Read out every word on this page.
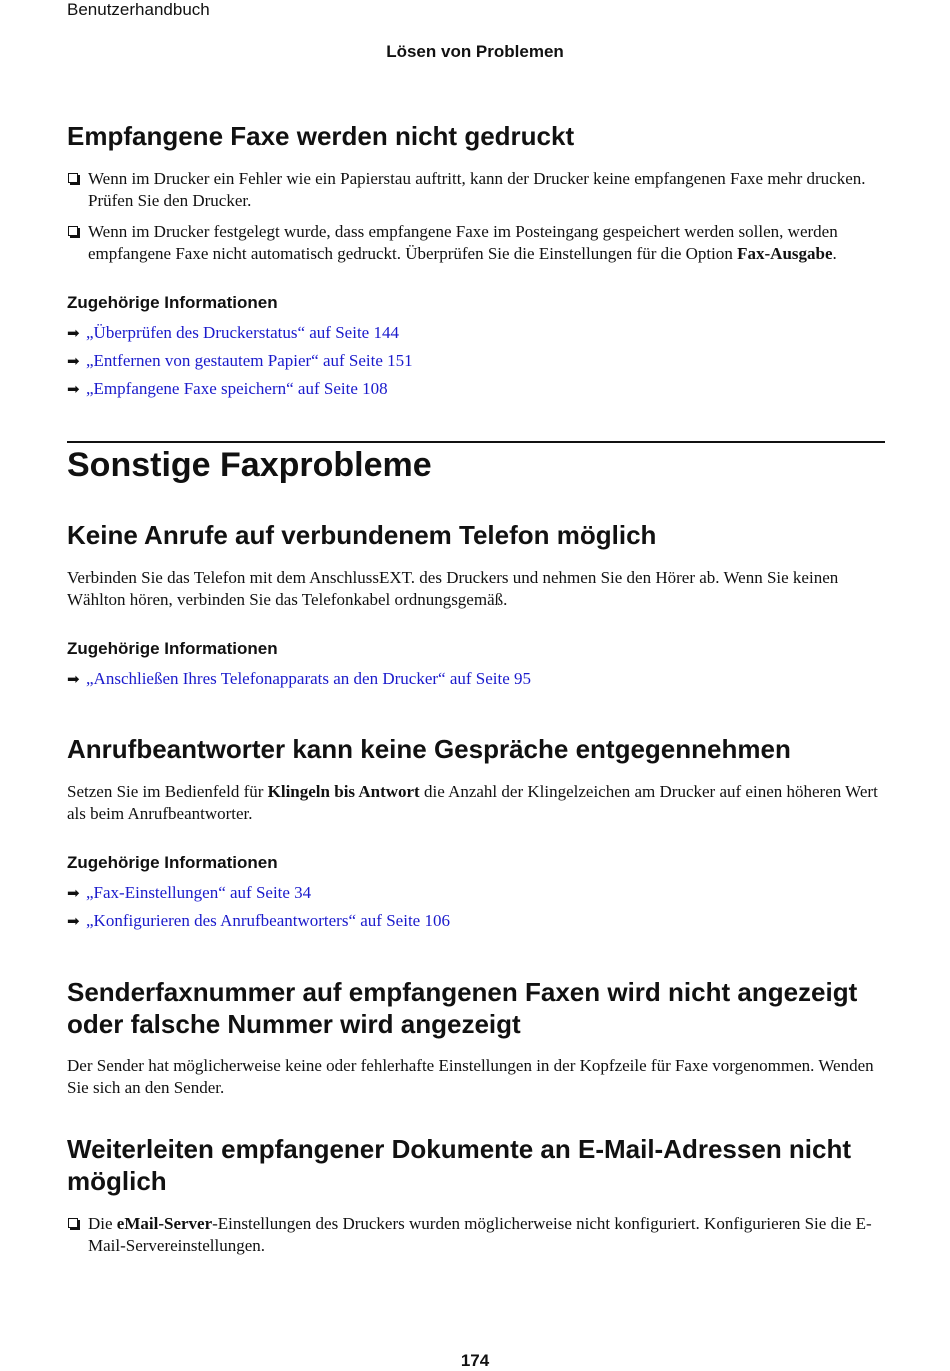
Benutzerhandbuch
Lösen von Problemen
Empfangene Faxe werden nicht gedruckt
Wenn im Drucker ein Fehler wie ein Papierstau auftritt, kann der Drucker keine empfangenen Faxe mehr drucken. Prüfen Sie den Drucker.
Wenn im Drucker festgelegt wurde, dass empfangene Faxe im Posteingang gespeichert werden sollen, werden empfangene Faxe nicht automatisch gedruckt. Überprüfen Sie die Einstellungen für die Option Fax-Ausgabe.
Zugehörige Informationen
➡ „Überprüfen des Druckerstatus“ auf Seite 144
➡ „Entfernen von gestautem Papier“ auf Seite 151
➡ „Empfangene Faxe speichern“ auf Seite 108
Sonstige Faxprobleme
Keine Anrufe auf verbundenem Telefon möglich

Verbinden Sie das Telefon mit dem AnschlussEXT. des Druckers und nehmen Sie den Hörer ab. Wenn Sie keinen Wählton hören, verbinden Sie das Telefonkabel ordnungsgemäß.

Zugehörige Informationen
➡ „Anschließen Ihres Telefonapparats an den Drucker“ auf Seite 95
Anrufbeantworter kann keine Gespräche entgegennehmen

Setzen Sie im Bedienfeld für Klingeln bis Antwort die Anzahl der Klingelzeichen am Drucker auf einen höheren Wert als beim Anrufbeantworter.

Zugehörige Informationen
➡ „Fax-Einstellungen“ auf Seite 34
➡ „Konfigurieren des Anrufbeantworters“ auf Seite 106
Senderfaxnummer auf empfangenen Faxen wird nicht angezeigt oder falsche Nummer wird angezeigt

Der Sender hat möglicherweise keine oder fehlerhafte Einstellungen in der Kopfzeile für Faxe vorgenommen. Wenden Sie sich an den Sender.

Weiterleiten empfangener Dokumente an E-Mail-Adressen nicht möglich
Die eMail-Server-Einstellungen des Druckers wurden möglicherweise nicht konfiguriert. Konfigurieren Sie die E-Mail-Servereinstellungen.
174
